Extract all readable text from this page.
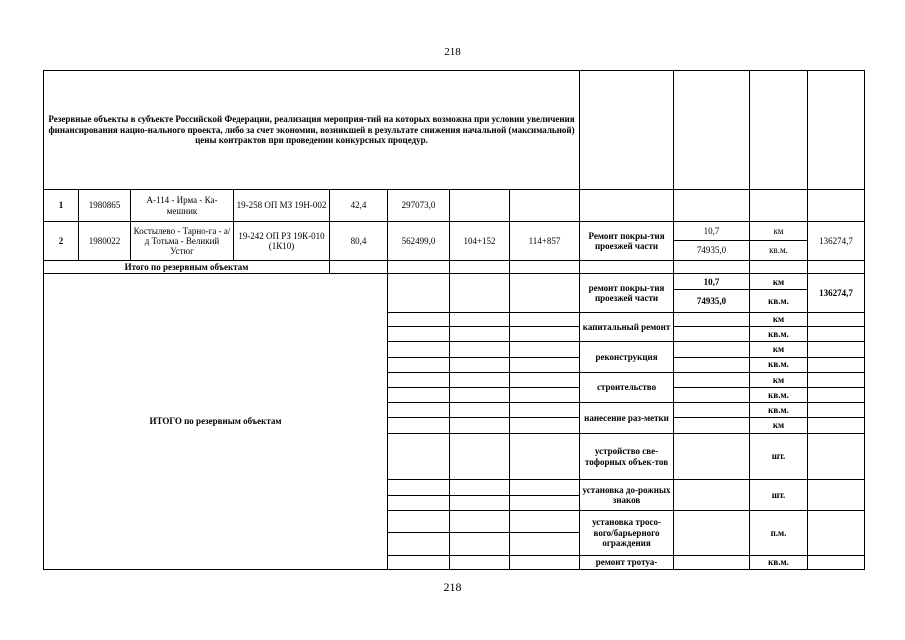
218
Резервные объекты в субъекте Российской Федерации, реализация мероприя-тий на которых возможна при условии увеличения финансирования нацио-нального проекта, либо за счет экономии, возникшей в результате снижения начальной (максимальной) цены контрактов при проведении конкурсных процедур.											
1	1980865	А-114 - Ирма - Ка-мешник	19-258 ОП МЗ 19Н-002	42,4	297073,0						
2	1980022	Костылево - Тарно-га - а/д Тотьма - Великий Устюг	19-242 ОП РЗ 19К-010 (1К10)	80,4	562499,0	104+152	114+857	Ремонт покры-тия проезжей части	10,7	км	136274,7
									74935,0	кв.м.	
Итого по резервным объектам											
ИТОГО по резервным объектам								ремонт покры-тия проезжей части	10,7	км	136274,7
									74935,0	кв.м.	
								капитальный ремонт		км	
										кв.м.	
								реконструкция		км	
										кв.м.	
								строительство		км	
										кв.м.	
								нанесение раз-метки		кв.м.	
										км	
								устройство све-тофорных объек-тов		шт.	
								установка до-рожных знаков		шт.	

								установка тросо-вого/барьерного ограждения		п.м.	

								ремонт тротуа-		кв.м.	
218
